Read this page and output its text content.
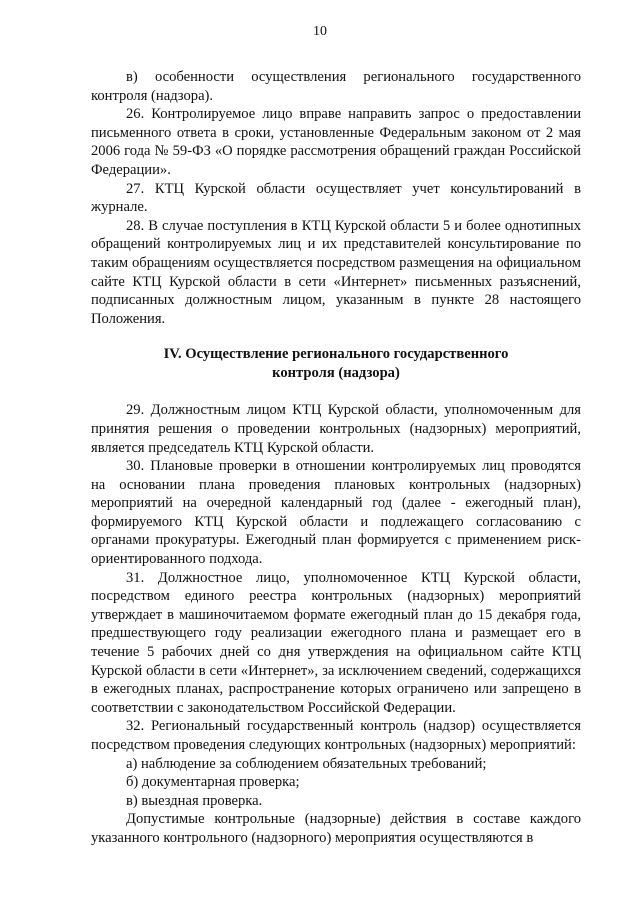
10

в) особенности осуществления регионального государственного контроля (надзора).

26. Контролируемое лицо вправе направить запрос о предоставлении письменного ответа в сроки, установленные Федеральным законом от 2 мая 2006 года № 59-ФЗ «О порядке рассмотрения обращений граждан Российской Федерации».

27. КТЦ Курской области осуществляет учет консультирований в журнале.

28. В случае поступления в КТЦ Курской области 5 и более однотипных обращений контролируемых лиц и их представителей консультирование по таким обращениям осуществляется посредством размещения на официальном сайте КТЦ Курской области в сети «Интернет» письменных разъяснений, подписанных должностным лицом, указанным в пункте 28 настоящего Положения.

IV. Осуществление регионального государственного
контроля (надзора)

29. Должностным лицом КТЦ Курской области, уполномоченным для принятия решения о проведении контрольных (надзорных) мероприятий, является председатель КТЦ Курской области.

30. Плановые проверки в отношении контролируемых лиц проводятся на основании плана проведения плановых контрольных (надзорных) мероприятий на очередной календарный год (далее - ежегодный план), формируемого КТЦ Курской области и подлежащего согласованию с органами прокуратуры. Ежегодный план формируется с применением риск-ориентированного подхода.

31. Должностное лицо, уполномоченное КТЦ Курской области, посредством единого реестра контрольных (надзорных) мероприятий утверждает в машиночитаемом формате ежегодный план до 15 декабря года, предшествующего году реализации ежегодного плана и размещает его в течение 5 рабочих дней со дня утверждения на официальном сайте КТЦ Курской области в сети «Интернет», за исключением сведений, содержащихся в ежегодных планах, распространение которых ограничено или запрещено в соответствии с законодательством Российской Федерации.

32. Региональный государственный контроль (надзор) осуществляется посредством проведения следующих контрольных (надзорных) мероприятий:

а) наблюдение за соблюдением обязательных требований;

б) документарная проверка;

в) выездная проверка.

Допустимые контрольные (надзорные) действия в составе каждого указанного контрольного (надзорного) мероприятия осуществляются в
